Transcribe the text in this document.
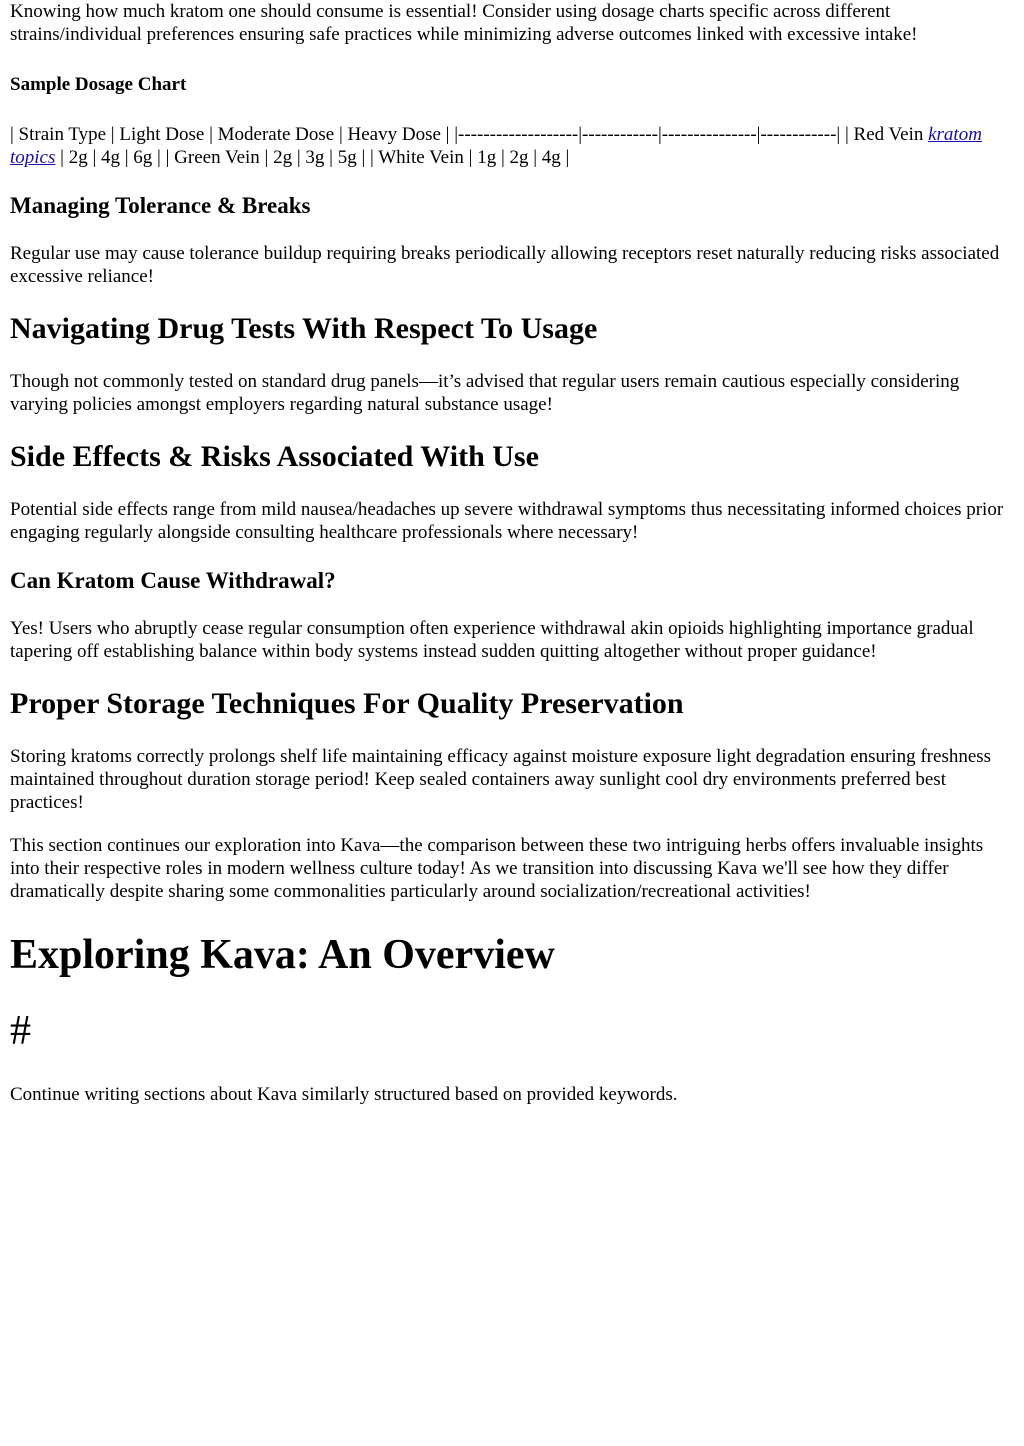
Knowing how much kratom one should consume is essential! Consider using dosage charts specific across different strains/individual preferences ensuring safe practices while minimizing adverse outcomes linked with excessive intake!

Sample Dosage Chart

| Strain Type | Light Dose | Moderate Dose | Heavy Dose | |-------------------|------------|---------------|------------| | Red Vein kratom topics | 2g | 4g | 6g | | Green Vein | 2g | 3g | 5g | | White Vein | 1g | 2g | 4g |

Managing Tolerance & Breaks

Regular use may cause tolerance buildup requiring breaks periodically allowing receptors reset naturally reducing risks associated excessive reliance!

Navigating Drug Tests With Respect To Usage

Though not commonly tested on standard drug panels—it’s advised that regular users remain cautious especially considering varying policies amongst employers regarding natural substance usage!

Side Effects & Risks Associated With Use

Potential side effects range from mild nausea/headaches up severe withdrawal symptoms thus necessitating informed choices prior engaging regularly alongside consulting healthcare professionals where necessary!

Can Kratom Cause Withdrawal?

Yes! Users who abruptly cease regular consumption often experience withdrawal akin opioids highlighting importance gradual tapering off establishing balance within body systems instead sudden quitting altogether without proper guidance!

Proper Storage Techniques For Quality Preservation

Storing kratoms correctly prolongs shelf life maintaining efficacy against moisture exposure light degradation ensuring freshness maintained throughout duration storage period! Keep sealed containers away sunlight cool dry environments preferred best practices!

This section continues our exploration into Kava—the comparison between these two intriguing herbs offers invaluable insights into their respective roles in modern wellness culture today! As we transition into discussing Kava we'll see how they differ dramatically despite sharing some commonalities particularly around socialization/recreational activities!

Exploring Kava: An Overview
#

Continue writing sections about Kava similarly structured based on provided keywords.
